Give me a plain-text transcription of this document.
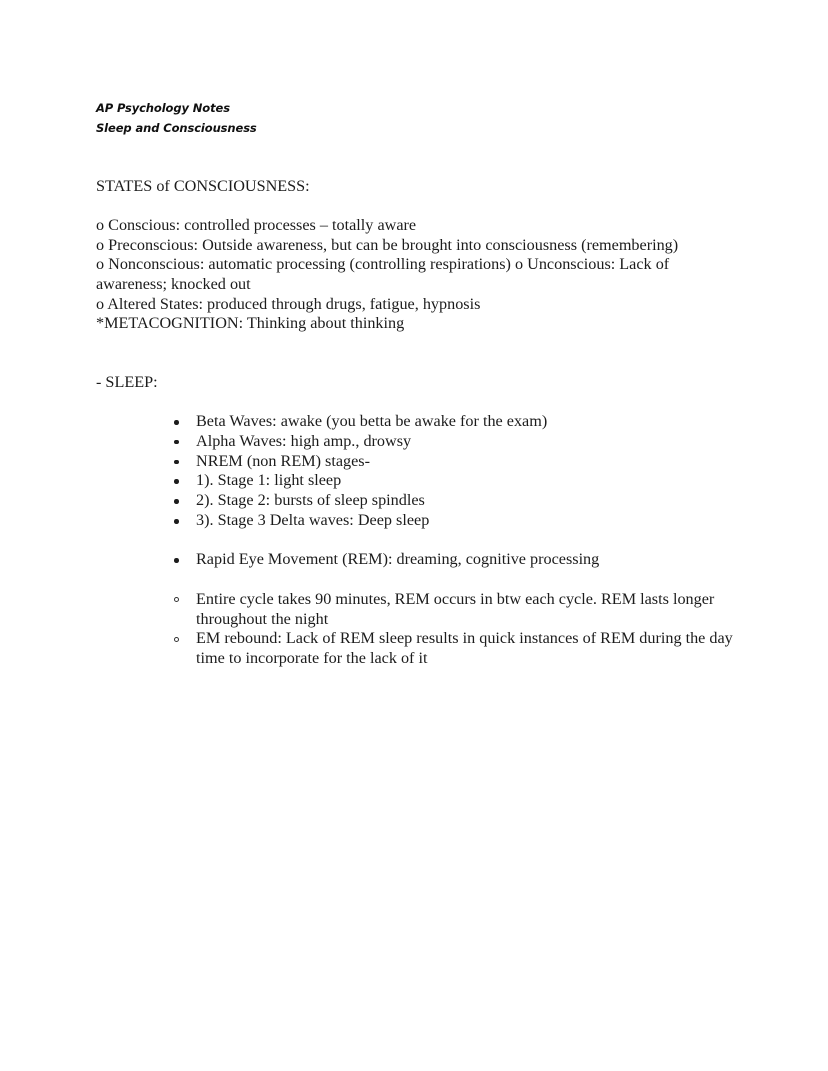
AP Psychology Notes
Sleep and Consciousness
STATES of CONSCIOUSNESS:

o Conscious: controlled processes – totally aware

o Preconscious: Outside awareness, but can be brought into consciousness (remembering)

o Nonconscious: automatic processing (controlling respirations) o Unconscious: Lack of awareness; knocked out

o Altered States: produced through drugs, fatigue, hypnosis

*METACOGNITION: Thinking about thinking

- SLEEP:
Beta Waves: awake (you betta be awake for the exam)
Alpha Waves: high amp., drowsy
NREM (non REM) stages-
1). Stage 1: light sleep
2). Stage 2: bursts of sleep spindles
3). Stage 3 Delta waves: Deep sleep
Rapid Eye Movement (REM): dreaming, cognitive processing
Entire cycle takes 90 minutes, REM occurs in btw each cycle. REM lasts longer throughout the night
EM rebound: Lack of REM sleep results in quick instances of REM during the day time to incorporate for the lack of it
